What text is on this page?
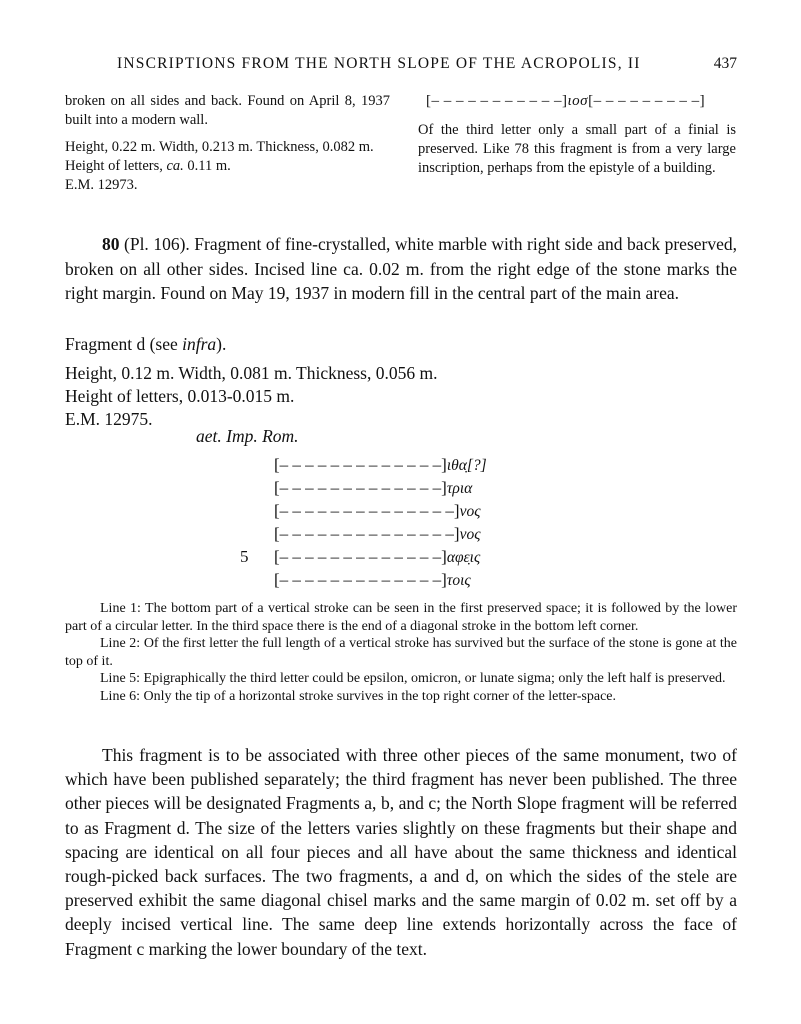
INSCRIPTIONS FROM THE NORTH SLOPE OF THE ACROPOLIS, II	437

broken on all sides and back. Found on April 8, 1937 built into a modern wall.

Height, 0.22 m. Width, 0.213 m. Thickness, 0.082 m.

Height of letters, ca. 0.11 m.

E.M. 12973.

[– – – – – – – – – – –]ιοσ[– – – – – – – – –]

Of the third letter only a small part of a finial is preserved. Like 78 this fragment is from a very large inscription, perhaps from the epistyle of a building.

80 (Pl. 106). Fragment of fine-crystalled, white marble with right side and back preserved, broken on all other sides. Incised line ca. 0.02 m. from the right edge of the stone marks the right margin. Found on May 19, 1937 in modern fill in the central part of the main area.

Fragment d (see infra).
Height, 0.12 m. Width, 0.081 m. Thickness, 0.056 m.
Height of letters, 0.013-0.015 m.
E.M. 12975.
aet. Imp. Rom.
[– – – – – – – – – – – – –]ιθα̣[?]
[– – – – – – – – – – – – –]τρια
[– – – – – – – – – – – – – –]νος
[– – – – – – – – – – – – – –]νος
5 [– – – – – – – – – – – – –]αφε̣ις
[– – – – – – – – – – – – –]τοις

Line 1: The bottom part of a vertical stroke can be seen in the first preserved space; it is followed by the lower part of a circular letter. In the third space there is the end of a diagonal stroke in the bottom left corner.

Line 2: Of the first letter the full length of a vertical stroke has survived but the surface of the stone is gone at the top of it.

Line 5: Epigraphically the third letter could be epsilon, omicron, or lunate sigma; only the left half is preserved.

Line 6: Only the tip of a horizontal stroke survives in the top right corner of the letter-space.

This fragment is to be associated with three other pieces of the same monument, two of which have been published separately; the third fragment has never been published. The three other pieces will be designated Fragments a, b, and c; the North Slope fragment will be referred to as Fragment d. The size of the letters varies slightly on these fragments but their shape and spacing are identical on all four pieces and all have about the same thickness and identical rough-picked back surfaces. The two fragments, a and d, on which the sides of the stele are preserved exhibit the same diagonal chisel marks and the same margin of 0.02 m. set off by a deeply incised vertical line. The same deep line extends horizontally across the face of Fragment c marking the lower boundary of the text.
